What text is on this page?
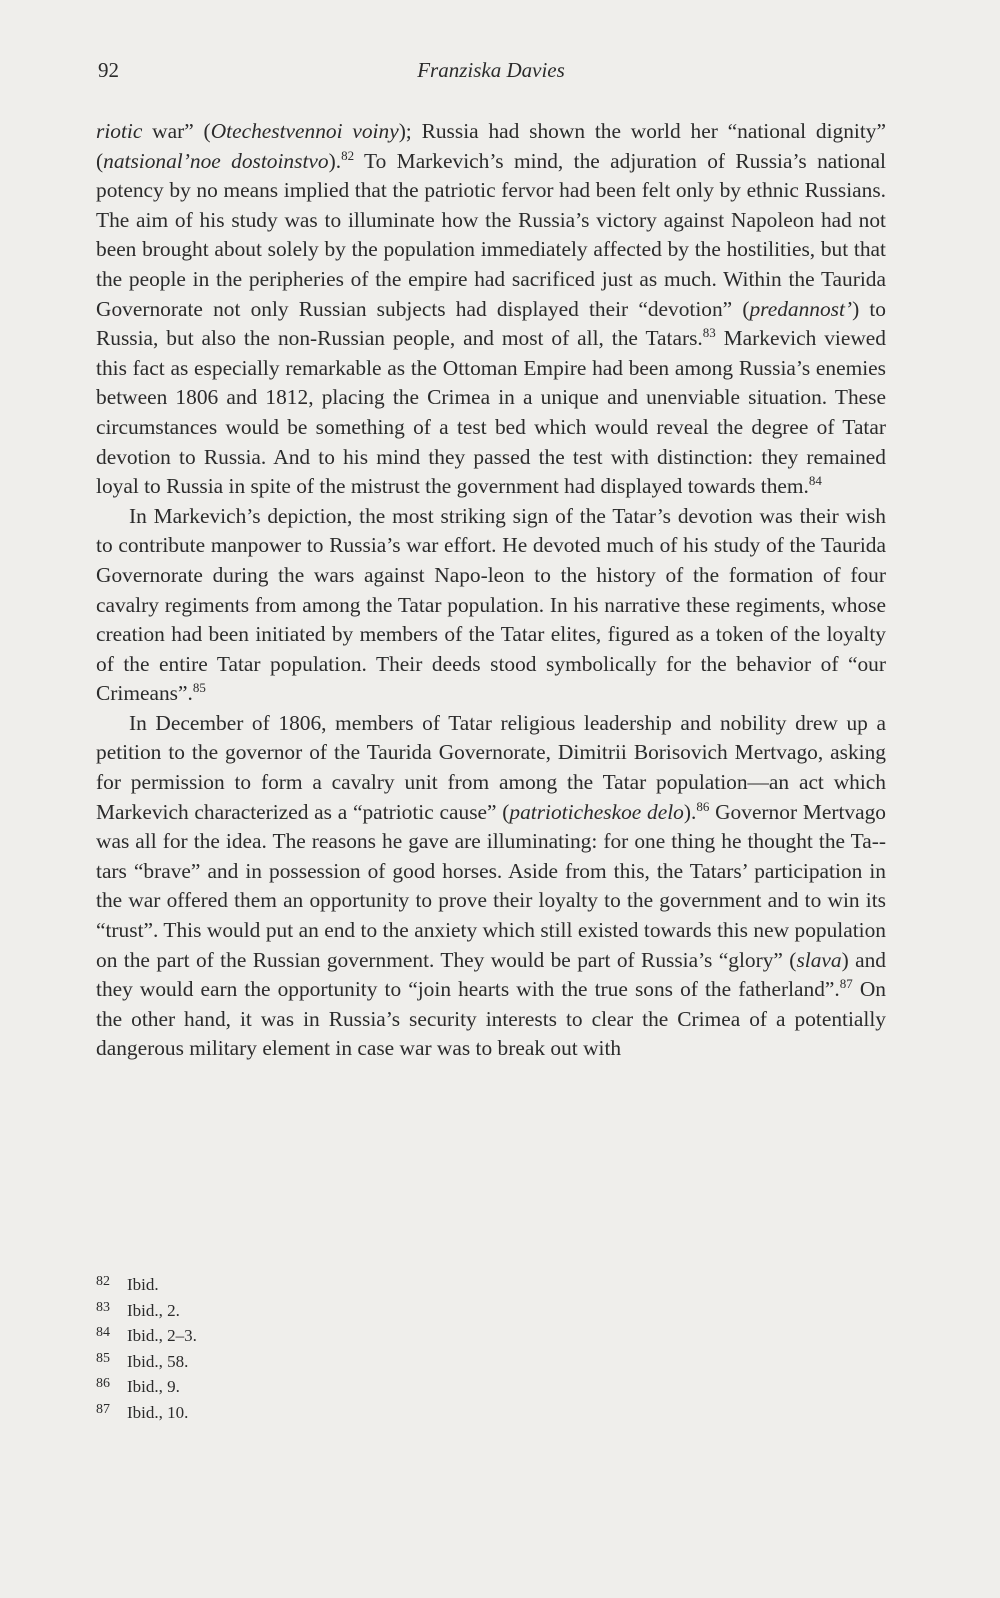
92	Franziska Davies

riotic war” (Otechestvennoi voiny); Russia had shown the world her “national dignity” (natsional’noe dostoinstvo).$^{82}$ To Markevich’s mind, the adjuration of Russia’s national potency by no means implied that the patriotic fervor had been felt only by ethnic Russians. The aim of his study was to illuminate how the Russia’s victory against Napoleon had not been brought about solely by the population immediately affected by the hostilities, but that the people in the peripheries of the empire had sacrificed just as much. Within the Taurida Governorate not only Russian subjects had displayed their “devotion” (predannost’) to Russia, but also the non-Russian people, and most of all, the Tatars.$^{83}$ Markevich viewed this fact as especially remarkable as the Ottoman Empire had been among Russia’s enemies between 1806 and 1812, placing the Crimea in a unique and unenviable situation. These circumstances would be something of a test bed which would reveal the degree of Tatar devotion to Russia. And to his mind they passed the test with distinction: they remained loyal to Russia in spite of the mistrust the government had displayed towards them.$^{84}$

In Markevich’s depiction, the most striking sign of the Tatar’s devotion was their wish to contribute manpower to Russia’s war effort. He devoted much of his study of the Taurida Governorate during the wars against Napo-leon to the history of the formation of four cavalry regiments from among the Tatar population. In his narrative these regiments, whose creation had been initiated by members of the Tatar elites, figured as a token of the loyalty of the entire Tatar population. Their deeds stood symbolically for the behavior of “our Crimeans”.$^{85}$

In December of 1806, members of Tatar religious leadership and nobility drew up a petition to the governor of the Taurida Governorate, Dimitrii Borisovich Mertvago, asking for permission to form a cavalry unit from among the Tatar population—an act which Markevich characterized as a “patriotic cause” (patrioticheskoe delo).$^{86}$ Governor Mertvago was all for the idea. The reasons he gave are illuminating: for one thing he thought the Ta-tars “brave” and in possession of good horses. Aside from this, the Tatars’ participation in the war offered them an opportunity to prove their loyalty to the government and to win its “trust”. This would put an end to the anxiety which still existed towards this new population on the part of the Russian government. They would be part of Russia’s “glory” (slava) and they would earn the opportunity to “join hearts with the true sons of the fatherland”.$^{87}$ On the other hand, it was in Russia’s security interests to clear the Crimea of a potentially dangerous military element in case war was to break out with

82	Ibid.
83	Ibid., 2.
84	Ibid., 2–3.
85	Ibid., 58.
86	Ibid., 9.
87	Ibid., 10.
